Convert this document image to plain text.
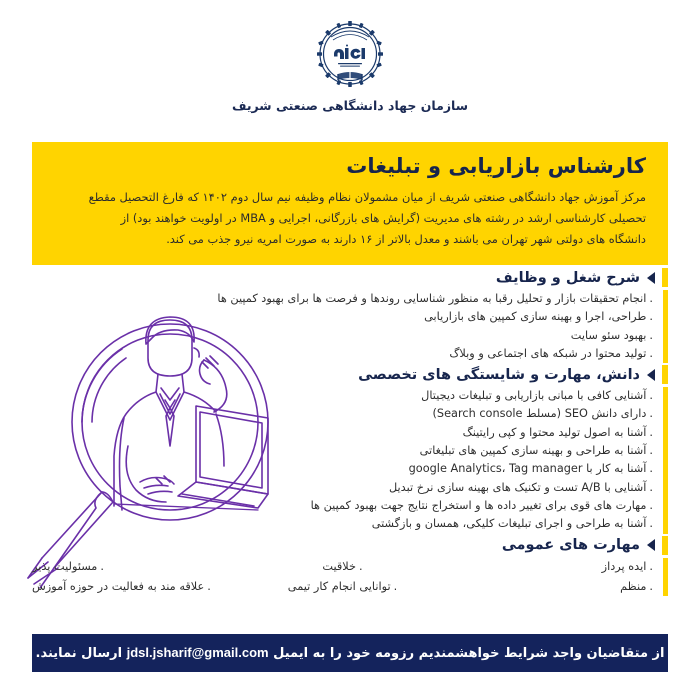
سازمان جهاد دانشگاهی صنعتی شریف
کارشناس بازاریابی و تبلیغات

مرکز آموزش جهاد دانشگاهی صنعتی شریف از میان مشمولان نظام وظیفه نیم سال دوم ۱۴۰۲ که فارغ التحصیل مقطع

تحصیلی کارشناسی ارشد در رشته های مدیریت (گرایش های بازرگانی، اجرایی و MBA در اولویت خواهند بود) از

دانشگاه های دولتی شهر تهران می باشند و معدل بالاتر از ۱۶ دارند به صورت امریه نیرو جذب می کند.

شرح شغل و وظایف
. انجام تحقیقات بازار و تحلیل رقبا به منظور شناسایی روندها و فرصت ها برای بهبود کمپین ها
. طراحی، اجرا و بهینه سازی کمپین های بازاریابی
. بهبود سئو سایت
. تولید محتوا در شبکه های اجتماعی و وبلاگ
دانش، مهارت و شایستگی های تخصصی
. آشنایی کافی با مبانی بازاریابی و تبلیغات دیجیتال
. دارای دانش SEO (مسلط Search console)
. آشنا به اصول تولید محتوا و کپی رایتینگ
. آشنا به طراحی و بهینه سازی کمپین های تبلیغاتی
. آشنا به کار با google Analytics، Tag manager
. آشنایی با A/B تست و تکنیک های بهینه سازی نرخ تبدیل
. مهارت های قوی برای تغییر داده ها و استخراج نتایج جهت بهبود کمپین ها
. آشنا به طراحی و اجرای تبلیغات کلیکی، همسان و بازگشتی
مهارت های عمومی
. ایده پرداز
. خلاقیت
. مسئولیت پذیر
. منظم
. توانایی انجام کار تیمی
. علاقه مند به فعالیت در حوزه آموزش
از متقاضیان واجد شرایط خواهشمندیم رزومه خود را به ایمیل jdsl.jsharif@gmail.com ارسال نمایند.
